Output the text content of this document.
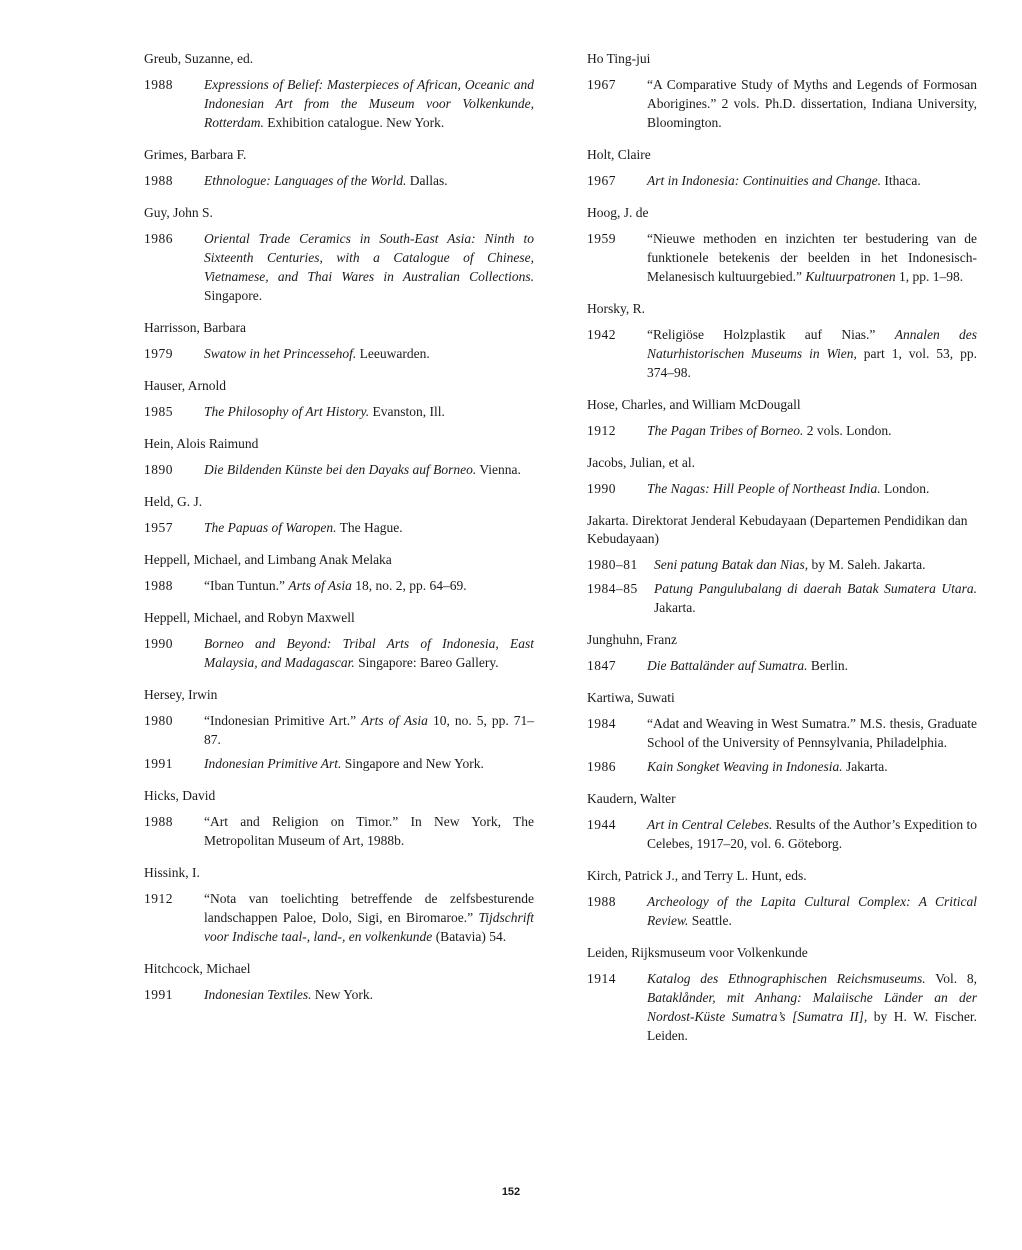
Greub, Suzanne, ed.
1988	Expressions of Belief: Masterpieces of African, Oceanic and Indonesian Art from the Museum voor Volkenkunde, Rotterdam. Exhibition catalogue. New York.
Grimes, Barbara F.
1988	Ethnologue: Languages of the World. Dallas.
Guy, John S.
1986	Oriental Trade Ceramics in South-East Asia: Ninth to Sixteenth Centuries, with a Catalogue of Chinese, Vietnamese, and Thai Wares in Australian Collections. Singapore.
Harrisson, Barbara
1979	Swatow in het Princessehof. Leeuwarden.
Hauser, Arnold
1985	The Philosophy of Art History. Evanston, Ill.
Hein, Alois Raimund
1890	Die Bildenden Künste bei den Dayaks auf Borneo. Vienna.
Held, G. J.
1957	The Papuas of Waropen. The Hague.
Heppell, Michael, and Limbang Anak Melaka
1988	“Iban Tuntun.” Arts of Asia 18, no. 2, pp. 64–69.
Heppell, Michael, and Robyn Maxwell
1990	Borneo and Beyond: Tribal Arts of Indonesia, East Malaysia, and Madagascar. Singapore: Bareo Gallery.
Hersey, Irwin
1980	“Indonesian Primitive Art.” Arts of Asia 10, no. 5, pp. 71–87.
1991	Indonesian Primitive Art. Singapore and New York.
Hicks, David
1988	“Art and Religion on Timor.” In New York, The Metropolitan Museum of Art, 1988b.
Hissink, I.
1912	“Nota van toelichting betreffende de zelfsbesturende landschappen Paloe, Dolo, Sigi, en Biromaroe.” Tijdschrift voor Indische taal-, land-, en volkenkunde (Batavia) 54.
Hitchcock, Michael
1991	Indonesian Textiles. New York.
Ho Ting-jui
1967	“A Comparative Study of Myths and Legends of Formosan Aborigines.” 2 vols. Ph.D. dissertation, Indiana University, Bloomington.
Holt, Claire
1967	Art in Indonesia: Continuities and Change. Ithaca.
Hoog, J. de
1959	“Nieuwe methoden en inzichten ter bestudering van de funktionele betekenis der beelden in het Indonesisch-Melanesisch kultuurgebied.” Kultuurpatronen 1, pp. 1–98.
Horsky, R.
1942	“Religiöse Holzplastik auf Nias.” Annalen des Naturhistorischen Museums in Wien, part 1, vol. 53, pp. 374–98.
Hose, Charles, and William McDougall
1912	The Pagan Tribes of Borneo. 2 vols. London.
Jacobs, Julian, et al.
1990	The Nagas: Hill People of Northeast India. London.
Jakarta. Direktorat Jenderal Kebudayaan (Departemen Pendidikan dan Kebudayaan)
1980–81	Seni patung Batak dan Nias, by M. Saleh. Jakarta.
1984–85	Patung Pangulubalang di daerah Batak Sumatera Utara. Jakarta.
Junghuhn, Franz
1847	Die Battaländer auf Sumatra. Berlin.
Kartiwa, Suwati
1984	“Adat and Weaving in West Sumatra.” M.S. thesis, Graduate School of the University of Pennsylvania, Philadelphia.
1986	Kain Songket Weaving in Indonesia. Jakarta.
Kaudern, Walter
1944	Art in Central Celebes. Results of the Author’s Expedition to Celebes, 1917–20, vol. 6. Göteborg.
Kirch, Patrick J., and Terry L. Hunt, eds.
1988	Archeology of the Lapita Cultural Complex: A Critical Review. Seattle.
Leiden, Rijksmuseum voor Volkenkunde
1914	Katalog des Ethnographischen Reichsmuseums. Vol. 8, Bataklånder, mit Anhang: Malaiische Länder an der Nordost-Küste Sumatra’s [Sumatra II], by H. W. Fischer. Leiden.
152
